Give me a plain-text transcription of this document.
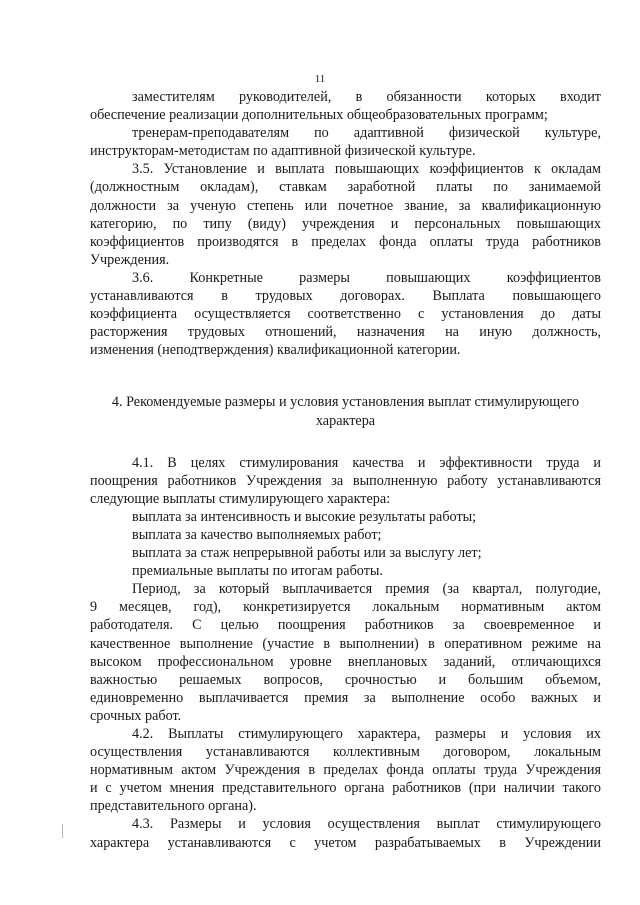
11

заместителям руководителей, в обязанности которых входит

обеспечение реализации дополнительных общеобразовательных программ;

тренерам-преподавателям по адаптивной физической культуре,

инструкторам-методистам по адаптивной физической культуре.

3.5. Установление и выплата повышающих коэффициентов к окладам

(должностным окладам), ставкам заработной платы по занимаемой

должности за ученую степень или почетное звание, за квалификационную

категорию, по типу (виду) учреждения и персональных повышающих

коэффициентов производятся в пределах фонда оплаты труда работников

Учреждения.

3.6. Конкретные размеры повышающих коэффициентов

устанавливаются в трудовых договорах. Выплата повышающего

коэффициента осуществляется соответственно с установления до даты

расторжения трудовых отношений, назначения на иную должность,

изменения (неподтверждения) квалификационной категории.

4. Рекомендуемые размеры и условия установления выплат стимулирующего

характера

4.1. В целях стимулирования качества и эффективности труда и

поощрения работников Учреждения за выполненную работу устанавливаются

следующие выплаты стимулирующего характера:

выплата за интенсивность и высокие результаты работы;

выплата за качество выполняемых работ;

выплата за стаж непрерывной работы или за выслугу лет;

премиальные выплаты по итогам работы.

Период, за который выплачивается премия (за квартал, полугодие,

9 месяцев, год), конкретизируется локальным нормативным актом

работодателя. С целью поощрения работников за своевременное и

качественное выполнение (участие в выполнении) в оперативном режиме на

высоком профессиональном уровне внеплановых заданий, отличающихся

важностью решаемых вопросов, срочностью и большим объемом,

единовременно выплачивается премия за выполнение особо важных и

срочных работ.

4.2. Выплаты стимулирующего характера, размеры и условия их

осуществления устанавливаются коллективным договором, локальным

нормативным актом Учреждения в пределах фонда оплаты труда Учреждения

и с учетом мнения представительного органа работников (при наличии такого

представительного органа).

4.3. Размеры и условия осуществления выплат стимулирующего

характера устанавливаются с учетом разрабатываемых в Учреждении
